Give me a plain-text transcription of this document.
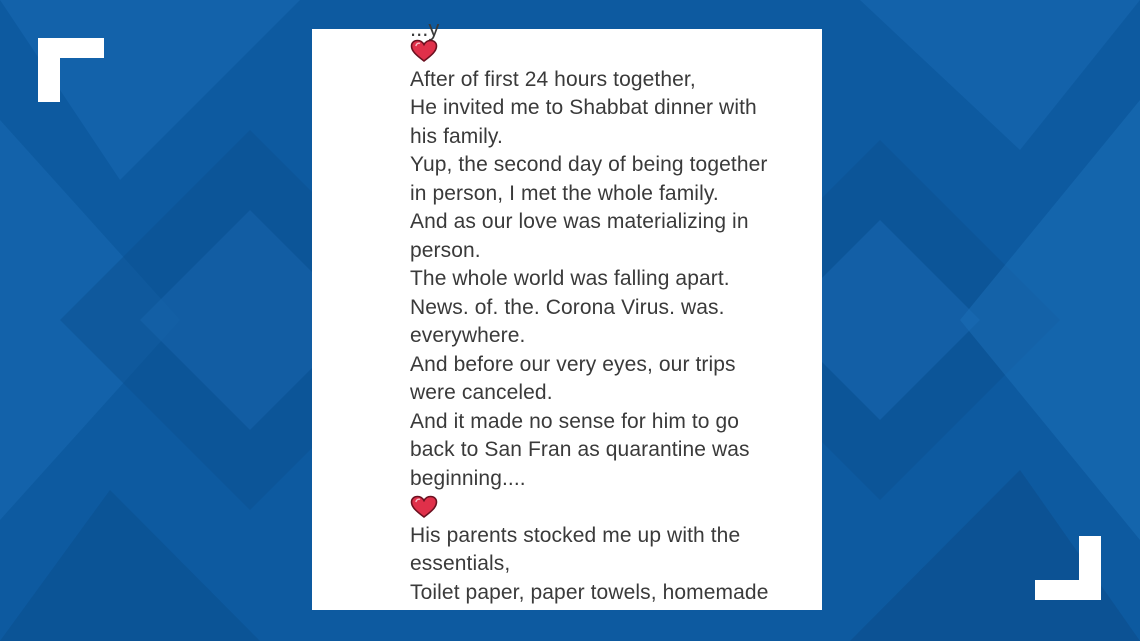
...y
After of first 24 hours together,
He invited me to Shabbat dinner with
his family.
Yup, the second day of being together
in person, I met the whole family.
And as our love was materializing in
person.
The whole world was falling apart.
News. of. the. Corona Virus. was.
everywhere.
And before our very eyes, our trips
were canceled.
And it made no sense for him to go
back to San Fran as quarantine was
beginning....
His parents stocked me up with the
essentials,
Toilet paper, paper towels, homemade
